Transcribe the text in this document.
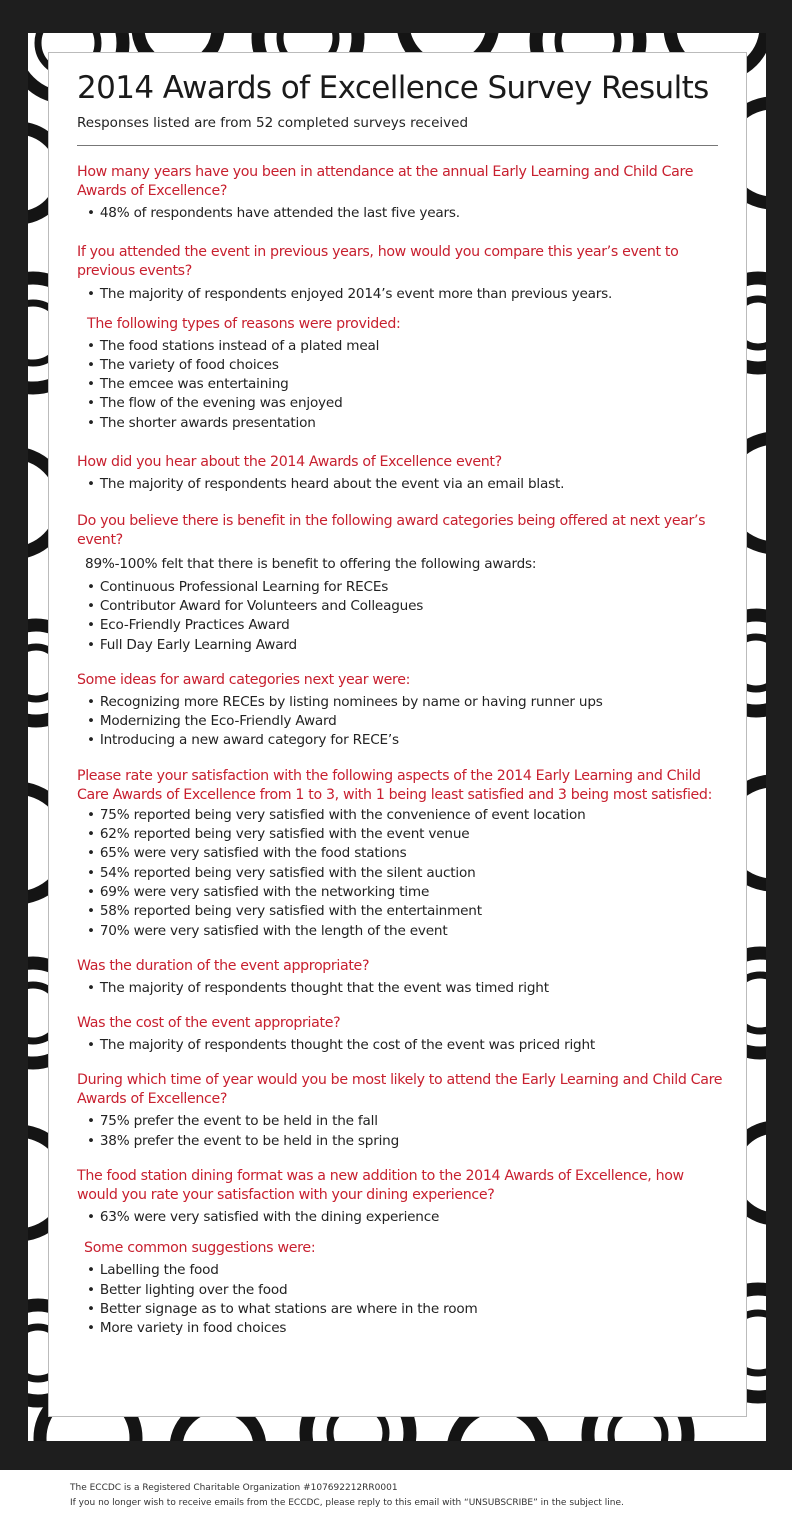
2014 Awards of Excellence Survey Results

Responses listed are from 52 completed surveys received

How many years have you been in attendance at the annual Early Learning and Child Care Awards of Excellence?

• 48% of respondents have attended the last five years.

If you attended the event in previous years, how would you compare this year’s event to previous events?

• The majority of respondents enjoyed 2014’s event more than previous years.

The following types of reasons were provided:

• The food stations instead of a plated meal
• The variety of food choices
• The emcee was entertaining
• The flow of the evening was enjoyed
• The shorter awards presentation

How did you hear about the 2014 Awards of Excellence event?

• The majority of respondents heard about the event via an email blast.

Do you believe there is benefit in the following award categories being offered at next year’s event?

89%-100% felt that there is benefit to offering the following awards:

• Continuous Professional Learning for RECEs
• Contributor Award for Volunteers and Colleagues
• Eco-Friendly Practices Award
• Full Day Early Learning Award

Some ideas for award categories next year were:

• Recognizing more RECEs by listing nominees by name or having runner ups
• Modernizing the Eco-Friendly Award
• Introducing a new award category for RECE’s

Please rate your satisfaction with the following aspects of the 2014 Early Learning and Child Care Awards of Excellence from 1 to 3, with 1 being least satisfied and 3 being most satisfied:

• 75% reported being very satisfied with the convenience of event location
• 62% reported being very satisfied with the event venue
• 65% were very satisfied with the food stations
• 54% reported being very satisfied with the silent auction
• 69% were very satisfied with the networking time
• 58% reported being very satisfied with the entertainment
• 70% were very satisfied with the length of the event

Was the duration of the event appropriate?

• The majority of respondents thought that the event was timed right

Was the cost of the event appropriate?

• The majority of respondents thought the cost of the event was priced right

During which time of year would you be most likely to attend the Early Learning and Child Care Awards of Excellence?

• 75% prefer the event to be held in the fall
• 38% prefer the event to be held in the spring

The food station dining format was a new addition to the 2014 Awards of Excellence, how would you rate your satisfaction with your dining experience?

• 63% were very satisfied with the dining experience

Some common suggestions were:

• Labelling the food
• Better lighting over the food
• Better signage as to what stations are where in the room
• More variety in food choices

The ECCDC is a Registered Charitable Organization #107692212RR0001

If you no longer wish to receive emails from the ECCDC, please reply to this email with “UNSUBSCRIBE” in the subject line.
